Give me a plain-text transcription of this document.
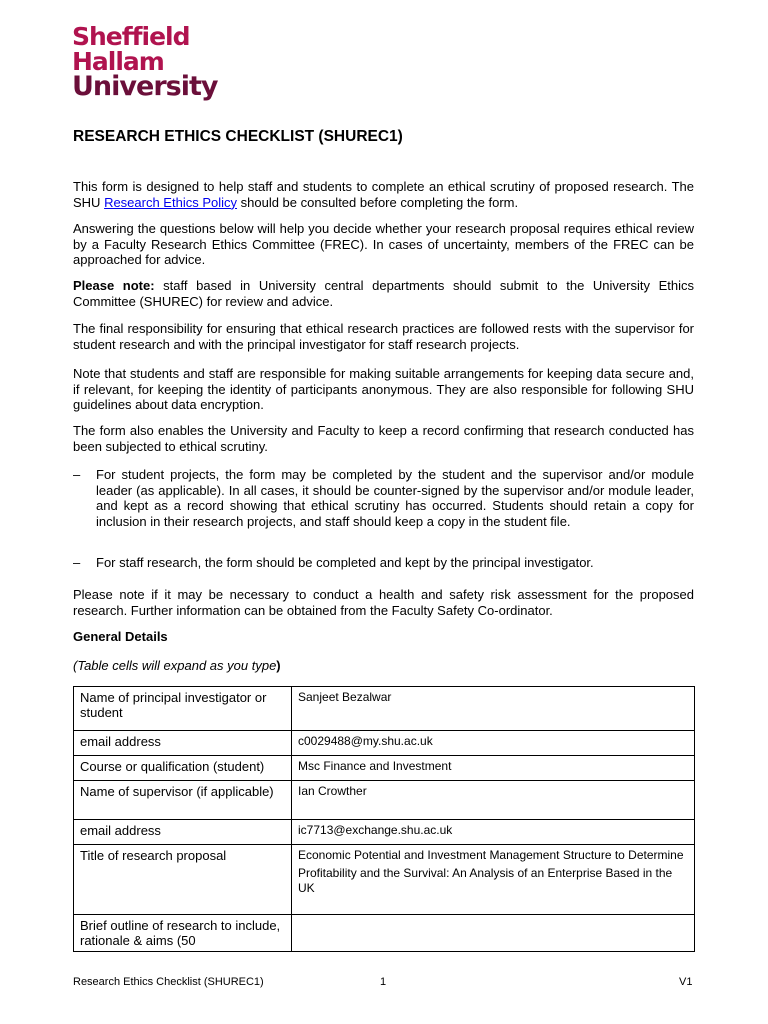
Sheffield
Hallam
University

RESEARCH ETHICS CHECKLIST (SHUREC1)

This form is designed to help staff and students to complete an ethical scrutiny of proposed research. The SHU Research Ethics Policy should be consulted before completing the form.

Answering the questions below will help you decide whether your research proposal requires ethical review by a Faculty Research Ethics Committee (FREC). In cases of uncertainty, members of the FREC can be approached for advice.

Please note: staff based in University central departments should submit to the University Ethics Committee (SHUREC) for review and advice.

The final responsibility for ensuring that ethical research practices are followed rests with the supervisor for student research and with the principal investigator for staff research projects.

Note that students and staff are responsible for making suitable arrangements for keeping data secure and, if relevant, for keeping the identity of participants anonymous. They are also responsible for following SHU guidelines about data encryption.

The form also enables the University and Faculty to keep a record confirming that research conducted has been subjected to ethical scrutiny.

–	For student projects, the form may be completed by the student and the supervisor and/or module leader (as applicable). In all cases, it should be counter-signed by the supervisor and/or module leader, and kept as a record showing that ethical scrutiny has occurred. Students should retain a copy for inclusion in their research projects, and staff should keep a copy in the student file.
–	For staff research, the form should be completed and kept by the principal investigator.

Please note if it may be necessary to conduct a health and safety risk assessment for the proposed research. Further information can be obtained from the Faculty Safety Co-ordinator.

General Details

(Table cells will expand as you type)

Name of principal investigator or student	Sanjeet Bezalwar

email address	c0029488@my.shu.ac.uk

Course or qualification (student)	Msc Finance and Investment

Name of supervisor (if applicable)	Ian Crowther

email address	ic7713@exchange.shu.ac.uk

Title of research proposal	Economic Potential and Investment Management Structure to Determine

Profitability and the Survival: An Analysis of an Enterprise Based in the UK

Brief outline of research to include, rationale & aims (50	

Research Ethics Checklist (SHUREC1)	1	V1
